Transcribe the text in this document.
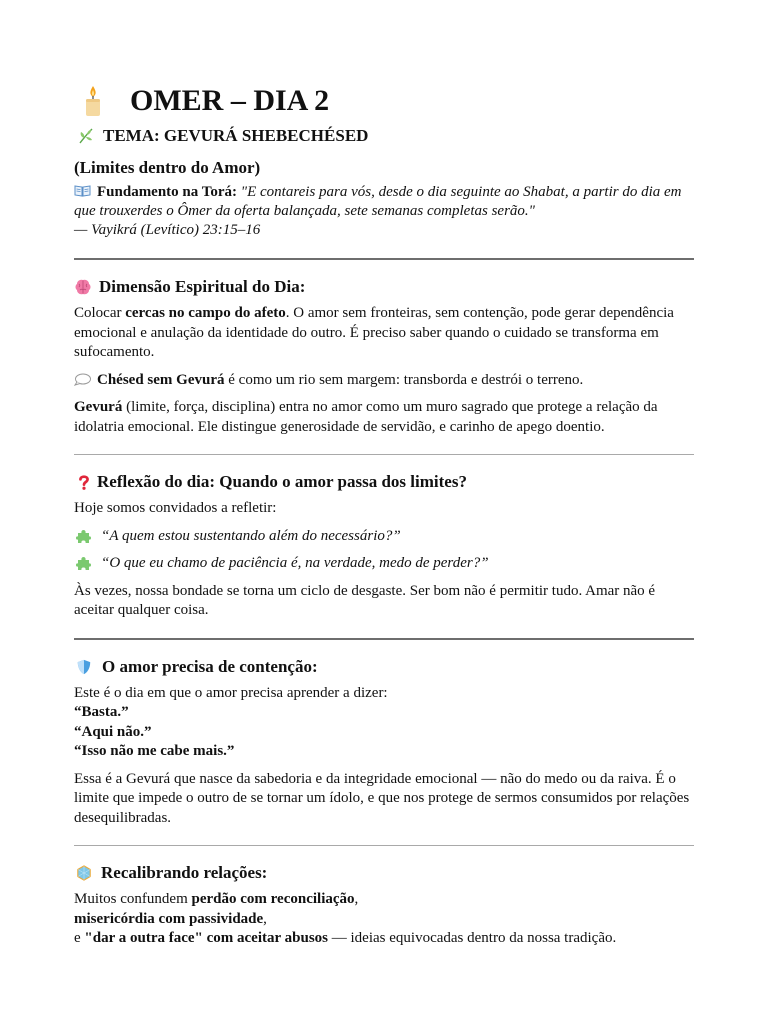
OMER – DIA 2
TEMA: GEVURÁ SHEBECHÉSED
(Limites dentro do Amor)
Fundamento na Torá: "E contareis para vós, desde o dia seguinte ao Shabat, a partir do dia em que trouxerdes o Ômer da oferta balançada, sete semanas completas serão."
— Vayikrá (Levítico) 23:15–16
Dimensão Espiritual do Dia:

Colocar cercas no campo do afeto. O amor sem fronteiras, sem contenção, pode gerar dependência emocional e anulação da identidade do outro. É preciso saber quando o cuidado se transforma em sufocamento.

Chésed sem Gevurá é como um rio sem margem: transborda e destrói o terreno.

Gevurá (limite, força, disciplina) entra no amor como um muro sagrado que protege a relação da idolatria emocional. Ele distingue generosidade de servidão, e carinho de apego doentio.

Reflexão do dia: Quando o amor passa dos limites?

Hoje somos convidados a refletir:

“A quem estou sustentando além do necessário?”
“O que eu chamo de paciência é, na verdade, medo de perder?”

Às vezes, nossa bondade se torna um ciclo de desgaste. Ser bom não é permitir tudo. Amar não é aceitar qualquer coisa.

O amor precisa de contenção:

Este é o dia em que o amor precisa aprender a dizer:

“Basta.”

“Aqui não.”

“Isso não me cabe mais.”

Essa é a Gevurá que nasce da sabedoria e da integridade emocional — não do medo ou da raiva. É o limite que impede o outro de se tornar um ídolo, e que nos protege de sermos consumidos por relações desequilibradas.

Recalibrando relações:

Muitos confundem perdão com reconciliação,

misericórdia com passividade,

e "dar a outra face" com aceitar abusos — ideias equivocadas dentro da nossa tradição.
